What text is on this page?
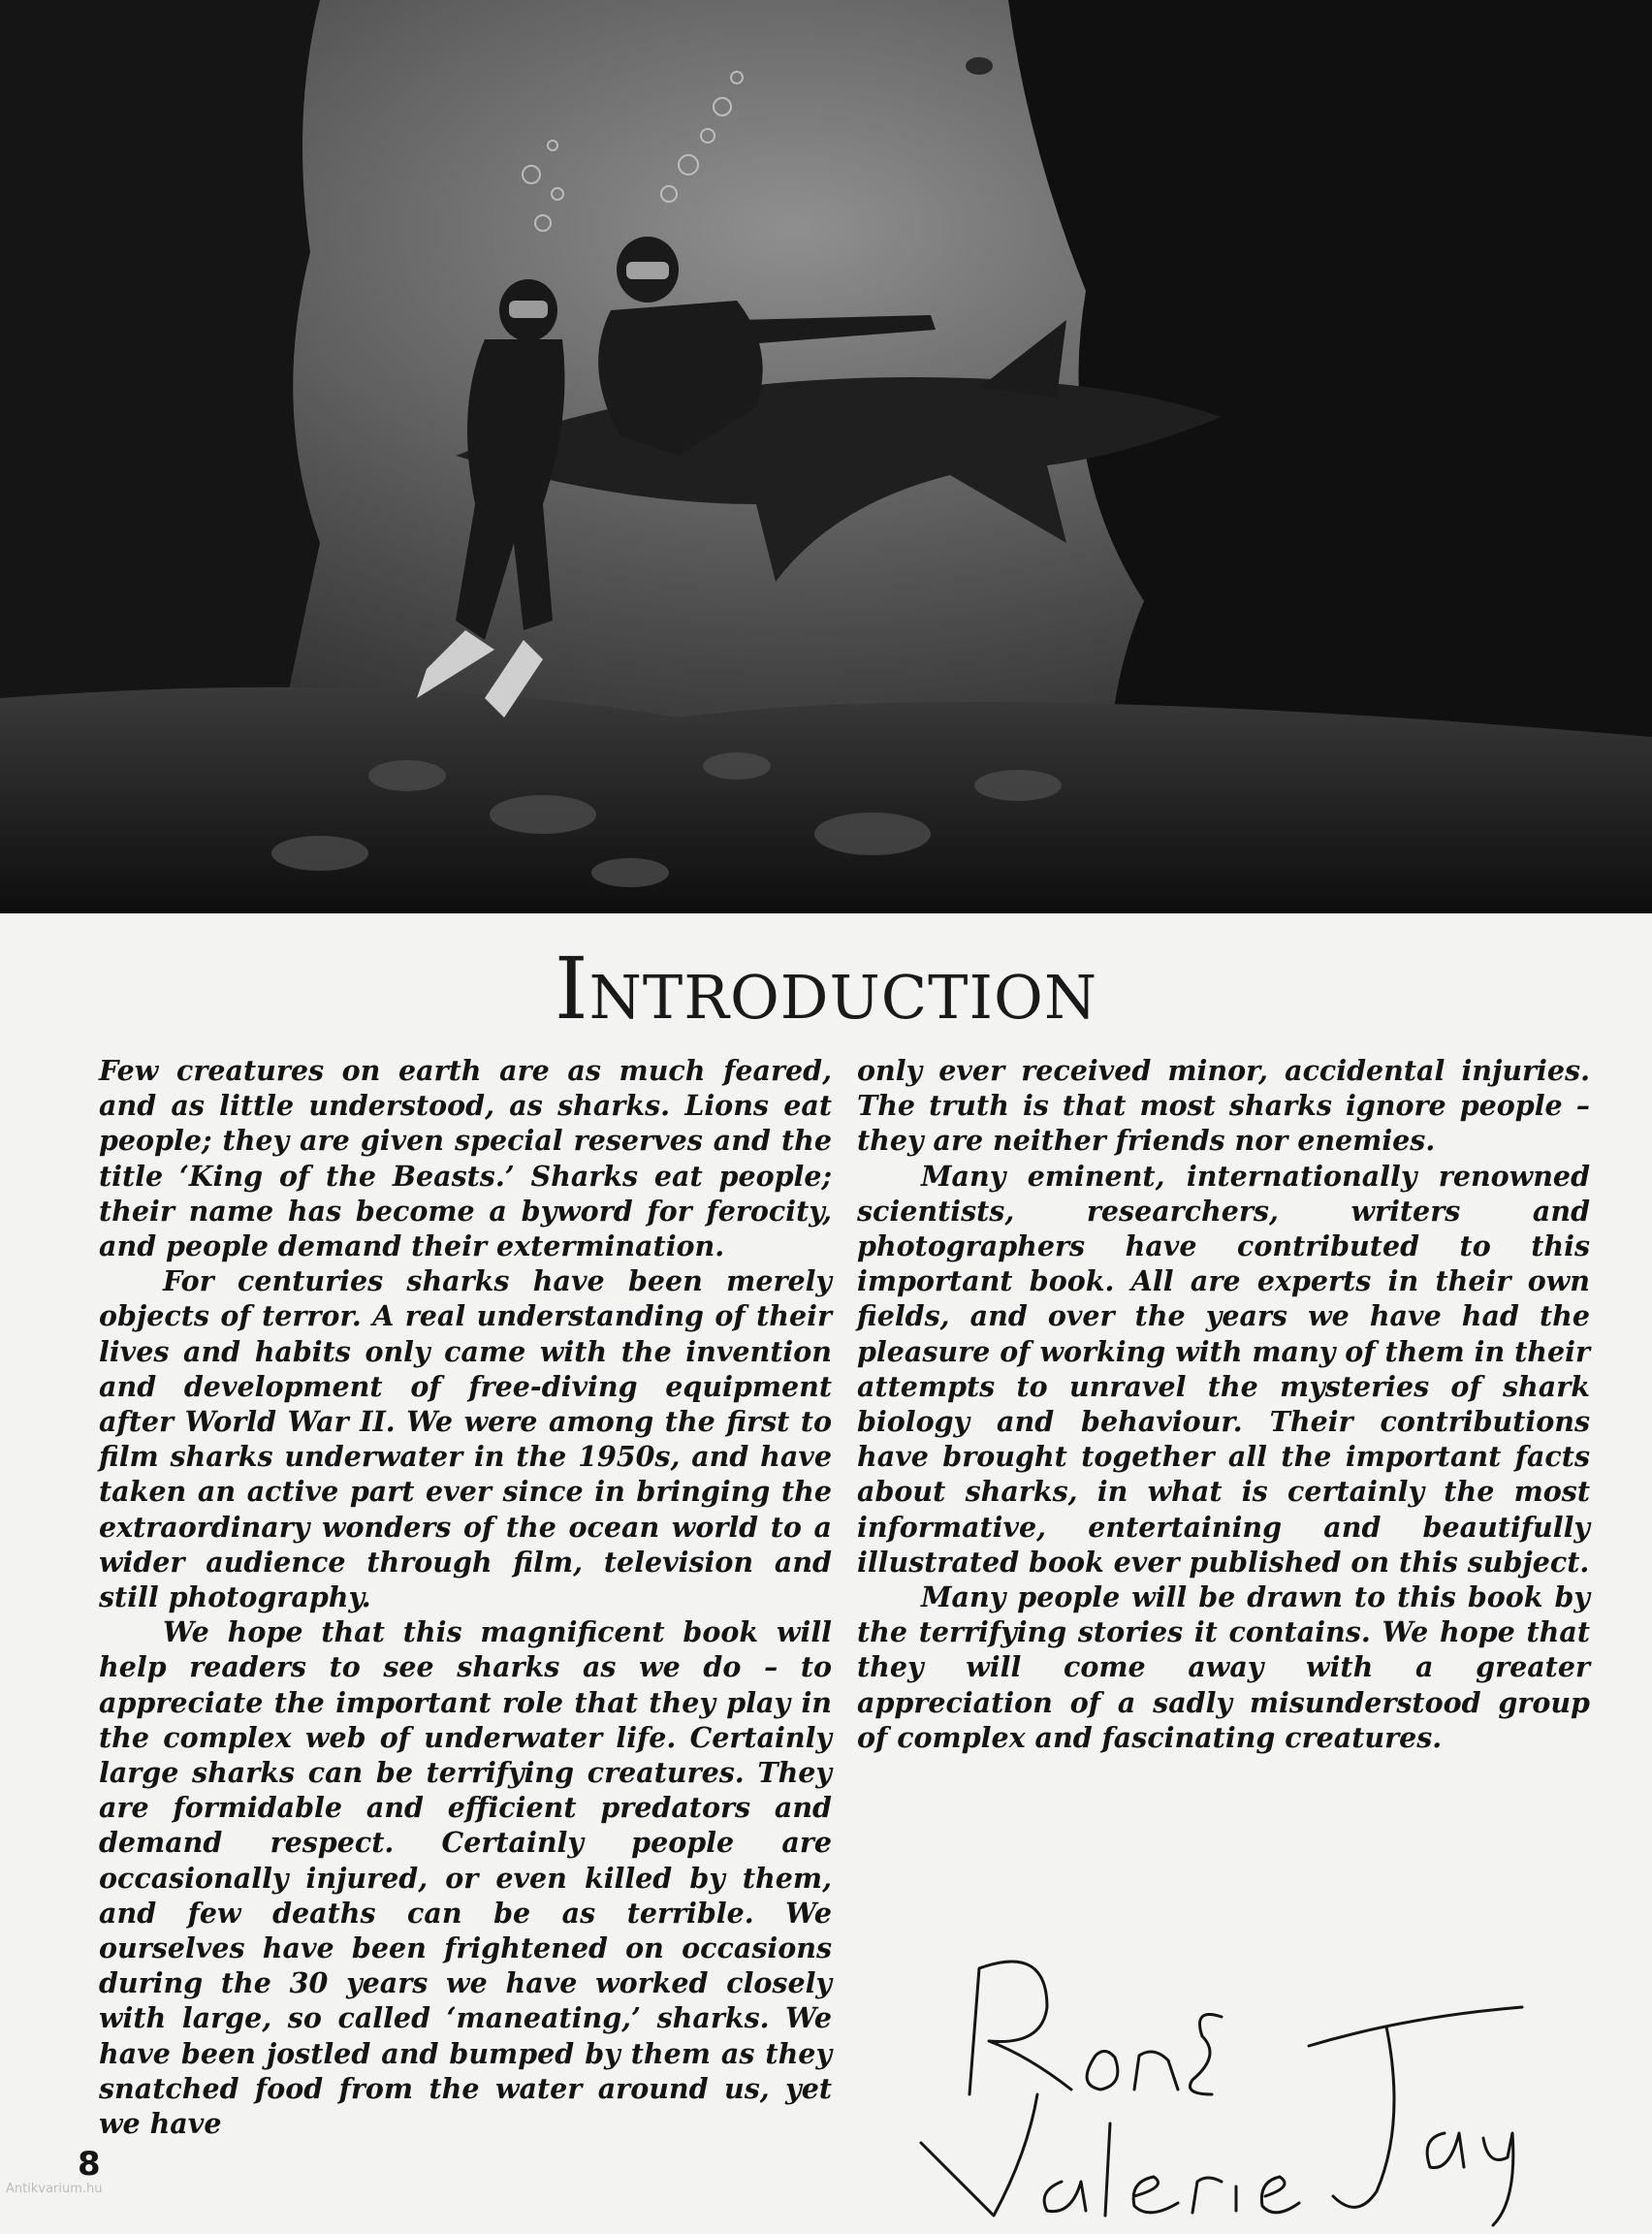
Introduction

Few creatures on earth are as much feared, and as little understood, as sharks. Lions eat people; they are given special reserves and the title ‘King of the Beasts.’ Sharks eat people; their name has become a byword for ferocity, and people demand their extermination.

For centuries sharks have been merely objects of terror. A real understanding of their lives and habits only came with the invention and development of free-diving equipment after World War II. We were among the first to film sharks underwater in the 1950s, and have taken an active part ever since in bringing the extraordinary wonders of the ocean world to a wider audience through film, television and still photography.

We hope that this magnificent book will help readers to see sharks as we do – to appreciate the important role that they play in the complex web of underwater life. Certainly large sharks can be terrifying creatures. They are formidable and efficient predators and demand respect. Certainly people are occasionally injured, or even killed by them, and few deaths can be as terrible. We ourselves have been frightened on occasions during the 30 years we have worked closely with large, so called ‘maneating,’ sharks. We have been jostled and bumped by them as they snatched food from the water around us, yet we have

only ever received minor, accidental injuries. The truth is that most sharks ignore people – they are neither friends nor enemies.

Many eminent, internationally renowned scientists, researchers, writers and photographers have contributed to this important book. All are experts in their own fields, and over the years we have had the pleasure of working with many of them in their attempts to unravel the mysteries of shark biology and behaviour. Their contributions have brought together all the important facts about sharks, in what is certainly the most informative, entertaining and beautifully illustrated book ever published on this subject.

Many people will be drawn to this book by the terrifying stories it contains. We hope that they will come away with a greater appreciation of a sadly misunderstood group of complex and fascinating creatures.

8
Antikvarium.hu
